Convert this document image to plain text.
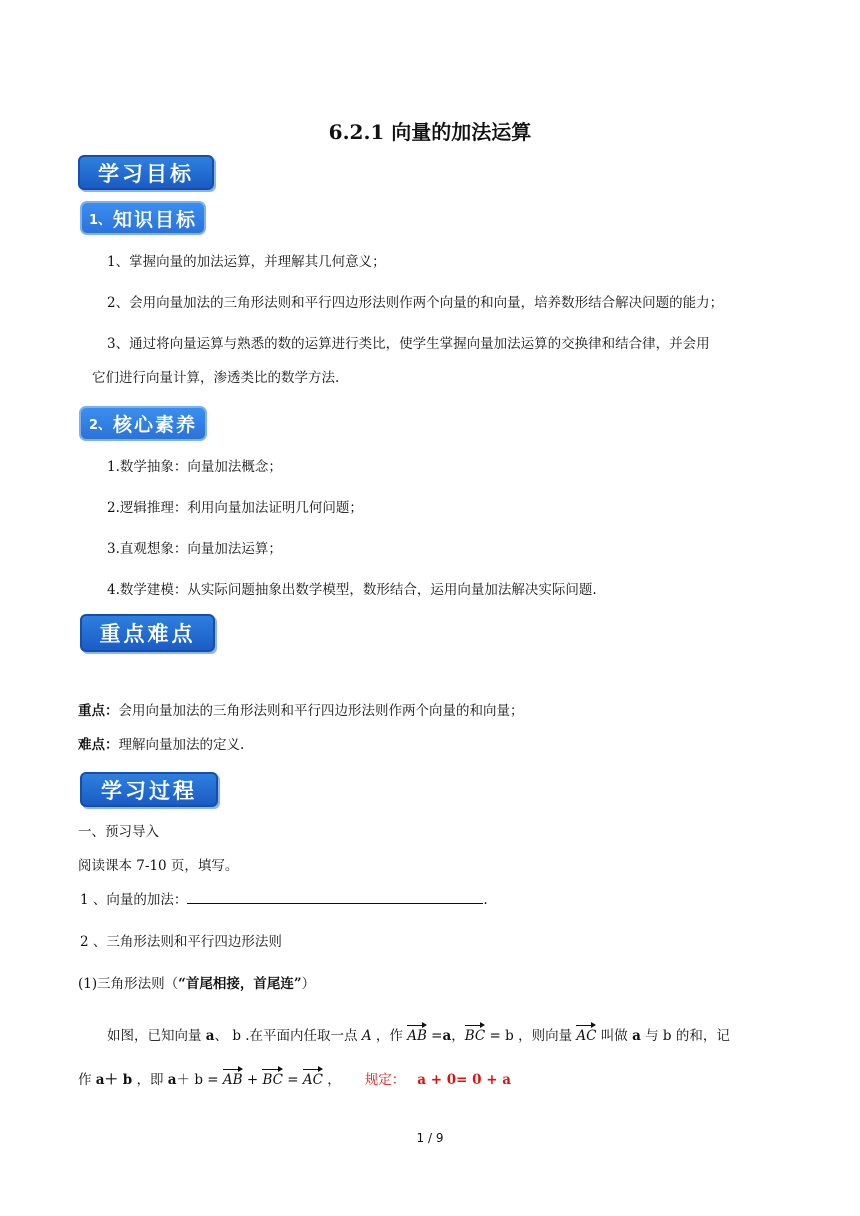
6.2.1 向量的加法运算
学习目标
1、 知识目标
1、掌握向量的加法运算，并理解其几何意义；
2、会用向量加法的三角形法则和平行四边形法则作两个向量的和向量，培养数形结合解决问题的能力；
3、通过将向量运算与熟悉的数的运算进行类比，使学生掌握向量加法运算的交换律和结合律，并会用
它们进行向量计算，渗透类比的数学方法.
2、 核心素养
1.数学抽象：向量加法概念；
2.逻辑推理：利用向量加法证明几何问题；
3.直观想象：向量加法运算；
4.数学建模：从实际问题抽象出数学模型，数形结合，运用向量加法解决实际问题.
重点难点
重点：会用向量加法的三角形法则和平行四边形法则作两个向量的和向量；
难点：理解向量加法的定义.
学习过程
一、预习导入
阅读课本 7-10 页，填写。
1 、向量的加法：	.
2 、三角形法则和平行四边形法则
(1)三角形法则（“首尾相接，首尾连”）
如图，已知向量 a、 b .在平面内任取一点 A ，作 AB =a，BC = b ，则向量 AC 叫做 a 与 b 的和，记
作 a＋ b ，即 a＋ b = AB + BC = AC ， 规定： a + 0= 0 + a
1 / 9
